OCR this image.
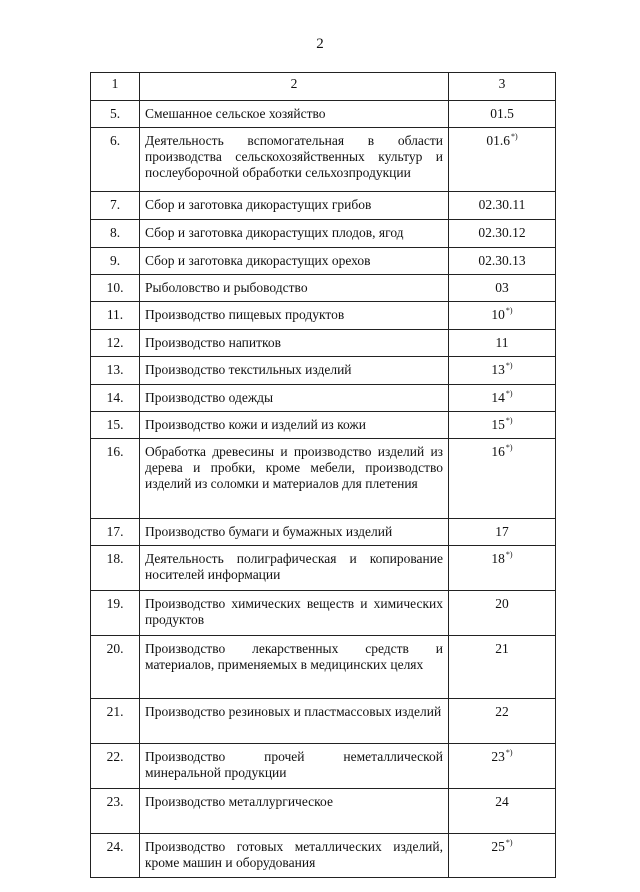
2
1	2	3
5.	Смешанное сельское хозяйство	01.5
6.	Деятельность вспомогательная в области производства сельскохозяйственных культур и послеуборочной обработки сельхозпродукции	01.6*)
7.	Сбор и заготовка дикорастущих грибов	02.30.11
8.	Сбор и заготовка дикорастущих плодов, ягод	02.30.12
9.	Сбор и заготовка дикорастущих орехов	02.30.13
10.	Рыболовство и рыбоводство	03
11.	Производство пищевых продуктов	10*)
12.	Производство напитков	11
13.	Производство текстильных изделий	13*)
14.	Производство одежды	14*)
15.	Производство кожи и изделий из кожи	15*)
16.	Обработка древесины и производство изделий из дерева и пробки, кроме мебели, производство изделий из соломки и материалов для плетения	16*)
17.	Производство бумаги и бумажных изделий	17
18.	Деятельность полиграфическая и копирование носителей информации	18*)
19.	Производство химических веществ и химических продуктов	20
20.	Производство лекарственных средств и материалов, применяемых в медицинских целях	21
21.	Производство резиновых и пластмассовых изделий	22
22.	Производство прочей неметаллической минеральной продукции	23*)
23.	Производство металлургическое	24
24.	Производство готовых металлических изделий, кроме машин и оборудования	25*)
